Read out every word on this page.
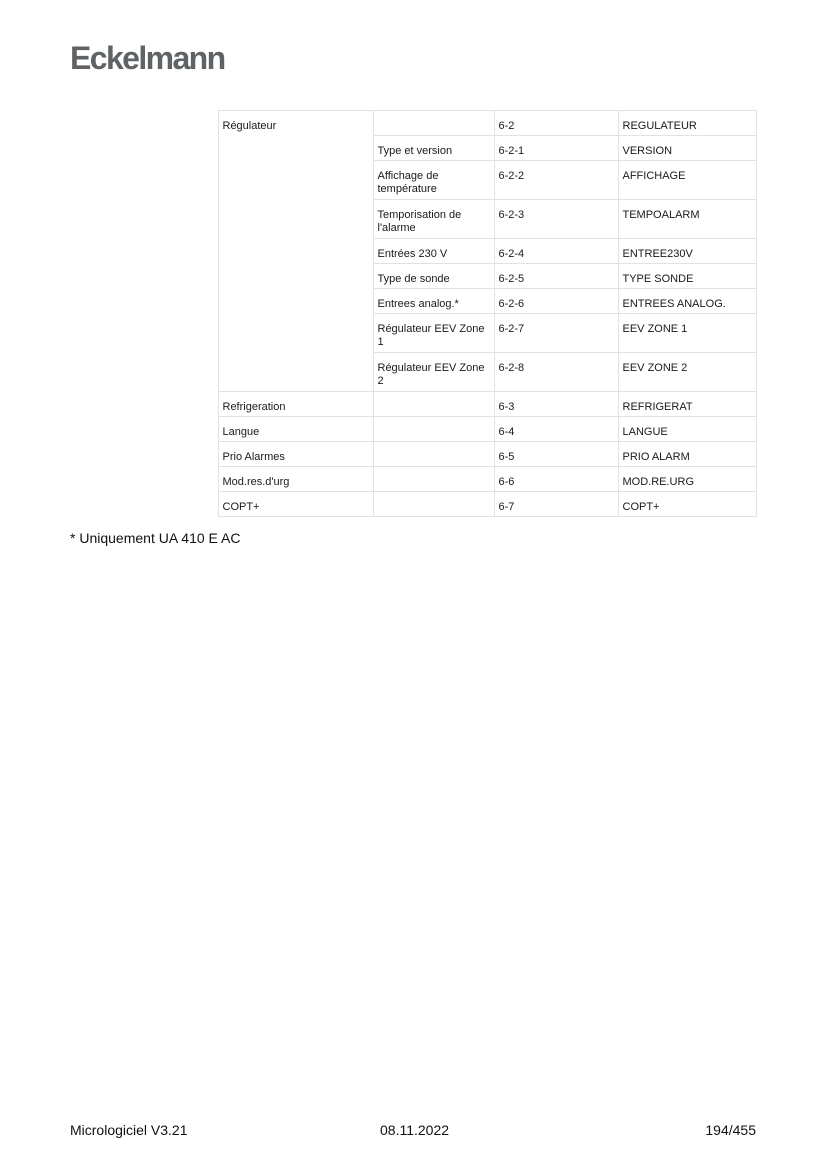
Eckelmann
	Régulateur		6-2	REGULATEUR
		Type et version	6-2-1	VERSION
		Affichage de température	6-2-2	AFFICHAGE
		Temporisation de l'alarme	6-2-3	TEMPOALARM
		Entrées 230 V	6-2-4	ENTREE230V
		Type de sonde	6-2-5	TYPE SONDE
		Entrees analog.*	6-2-6	ENTREES ANALOG.
		Régulateur EEV Zone 1	6-2-7	EEV ZONE 1
		Régulateur EEV Zone 2	6-2-8	EEV ZONE 2
	Refrigeration		6-3	REFRIGERAT
	Langue		6-4	LANGUE
	Prio Alarmes		6-5	PRIO ALARM
	Mod.res.d'urg		6-6	MOD.RE.URG
	COPT+		6-7	COPT+
* Uniquement UA 410 E AC
Micrologiciel V3.21	08.11.2022	194/455
